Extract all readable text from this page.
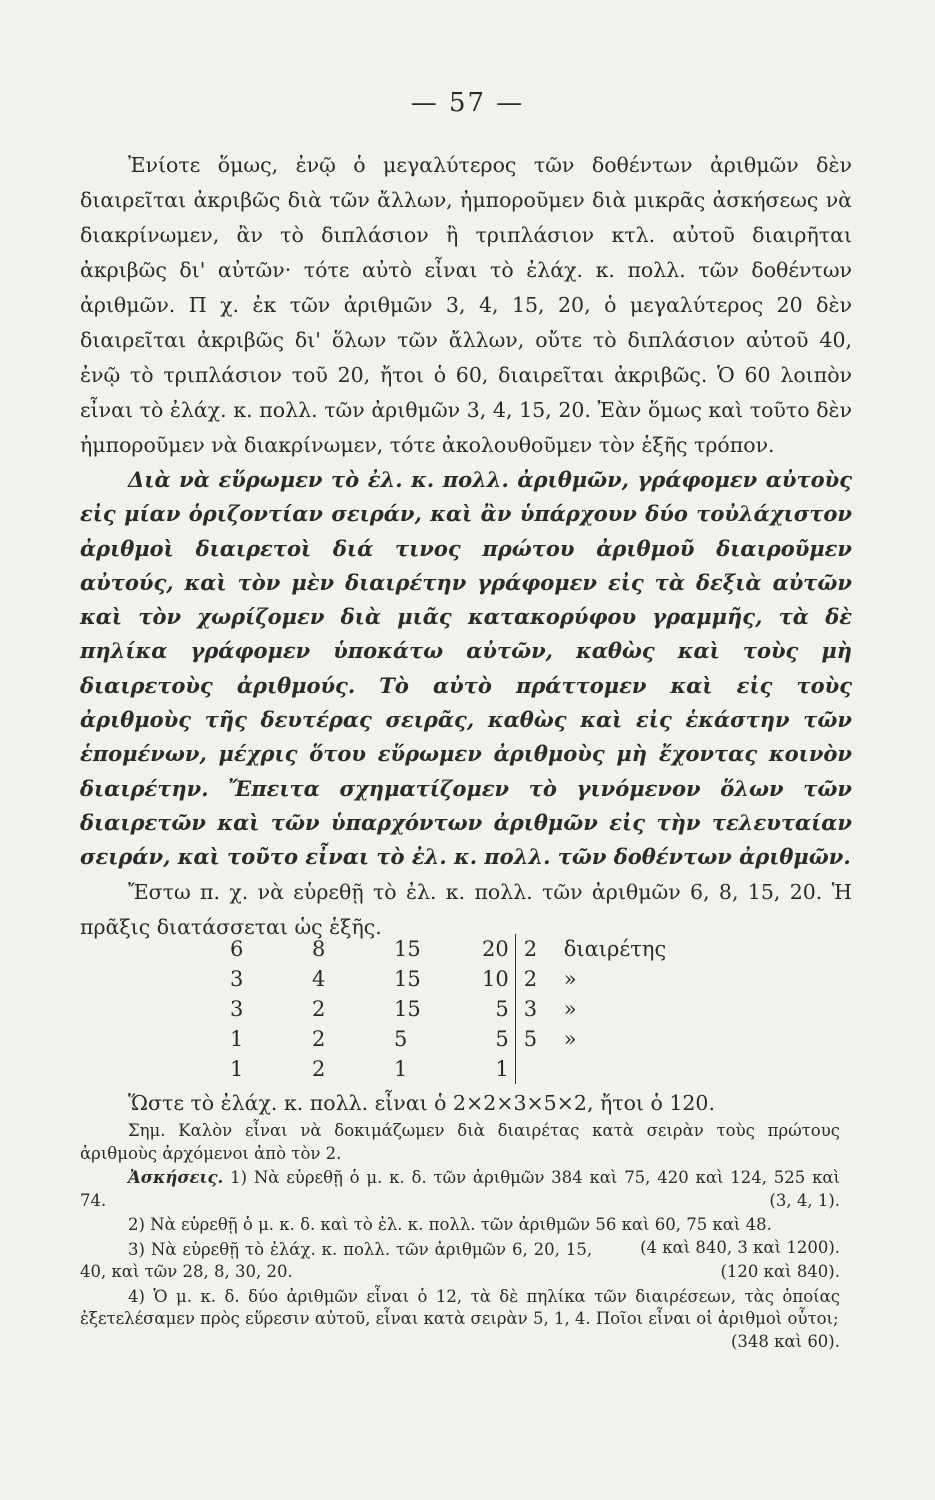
— 57 —

Ἐνίοτε ὅμως, ἐνῷ ὁ μεγαλύτερος τῶν δοθέντων ἀριθμῶν δὲν διαιρεῖται ἀκριβῶς διὰ τῶν ἄλλων, ἠμποροῦμεν διὰ μικρᾶς ἀσκήσεως νὰ διακρίνωμεν, ἂν τὸ διπλάσιον ἢ τριπλάσιον κτλ. αὐτοῦ διαιρῆται ἀκριβῶς δι' αὐτῶν· τότε αὐτὸ εἶναι τὸ ἐλάχ. κ. πολλ. τῶν δοθέντων ἀριθμῶν. Π χ. ἐκ τῶν ἀριθμῶν 3, 4, 15, 20, ὁ μεγαλύτερος 20 δὲν διαιρεῖται ἀκριβῶς δι' ὅλων τῶν ἄλλων, οὔτε τὸ διπλάσιον αὐτοῦ 40, ἐνῷ τὸ τριπλάσιον τοῦ 20, ἤτοι ὁ 60, διαιρεῖται ἀκριβῶς. Ὁ 60 λοιπὸν εἶναι τὸ ἐλάχ. κ. πολλ. τῶν ἀριθμῶν 3, 4, 15, 20. Ἐὰν ὅμως καὶ τοῦτο δὲν ἠμποροῦμεν νὰ διακρίνωμεν, τότε ἀκολουθοῦμεν τὸν ἑξῆς τρόπον.

Διὰ νὰ εὕρωμεν τὸ ἐλ. κ. πολλ. ἀριθμῶν, γράφομεν αὐτοὺς εἰς μίαν ὁριζοντίαν σειράν, καὶ ἂν ὑπάρχουν δύο τοὐλάχιστον ἀριθμοὶ διαιρετοὶ διά τινος πρώτου ἀριθμοῦ διαιροῦμεν αὐτούς, καὶ τὸν μὲν διαιρέτην γράφομεν εἰς τὰ δεξιὰ αὐτῶν καὶ τὸν χωρίζομεν διὰ μιᾶς κατακορύφου γραμμῆς, τὰ δὲ πηλίκα γράφομεν ὑποκάτω αὐτῶν, καθὼς καὶ τοὺς μὴ διαιρετοὺς ἀριθμούς. Τὸ αὐτὸ πράττομεν καὶ εἰς τοὺς ἀριθμοὺς τῆς δευτέρας σειρᾶς, καθὼς καὶ εἰς ἑκάστην τῶν ἑπομένων, μέχρις ὅτου εὕρωμεν ἀριθμοὺς μὴ ἔχοντας κοινὸν διαιρέτην. Ἔπειτα σχηματίζομεν τὸ γινόμενον ὅλων τῶν διαιρετῶν καὶ τῶν ὑπαρχόντων ἀριθμῶν εἰς τὴν τελευταίαν σειράν, καὶ τοῦτο εἶναι τὸ ἐλ. κ. πολλ. τῶν δοθέντων ἀριθμῶν.

Ἔστω π. χ. νὰ εὑρεθῇ τὸ ἐλ. κ. πολλ. τῶν ἀριθμῶν 6, 8, 15, 20. Ἡ πρᾶξις διατάσσεται ὡς ἑξῆς.

6	8	15	20	2	διαιρέτης
3	4	15	10	2	»
3	2	15	5	3	»
1	2	5	5	5	»
1	2	1	1		
Ὥστε τὸ ἐλάχ. κ. πολλ. εἶναι ὁ 2×2×3×5×2, ἤτοι ὁ 120.

Σημ. Καλὸν εἶναι νὰ δοκιμάζωμεν διὰ διαιρέτας κατὰ σειρὰν τοὺς πρώτους ἀριθμοὺς ἀρχόμενοι ἀπὸ τὸν 2.

Ἀσκήσεις. 1) Νὰ εὑρεθῇ ὁ μ. κ. δ. τῶν ἀριθμῶν 384 καὶ 75, 420 καὶ 124, 525 καὶ 74.	(3, 4, 1).

2) Νὰ εὑρεθῇ ὁ μ. κ. δ. καὶ τὸ ἐλ. κ. πολλ. τῶν ἀριθμῶν 56 καὶ 60, 75 καὶ 48.
(4 καὶ 840, 3 καὶ 1200).

3) Νὰ εὑρεθῇ τὸ ἐλάχ. κ. πολλ. τῶν ἀριθμῶν 6, 20, 15, 40, καὶ τῶν 28, 8, 30, 20.	(120 καὶ 840).

4) Ὁ μ. κ. δ. δύο ἀριθμῶν εἶναι ὁ 12, τὰ δὲ πηλίκα τῶν διαιρέσεων, τὰς ὁποίας ἐξετελέσαμεν πρὸς εὕρεσιν αὐτοῦ, εἶναι κατὰ σειρὰν 5, 1, 4. Ποῖοι εἶναι οἱ ἀριθμοὶ οὗτοι;
(348 καὶ 60).
